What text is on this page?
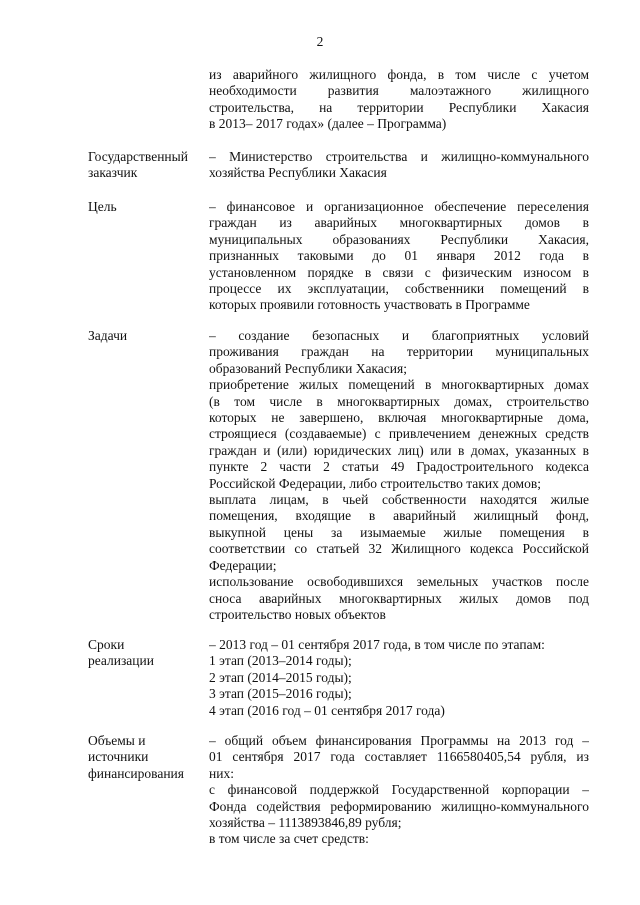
2
из аварийного жилищного фонда, в том числе с учетом
необходимости развития малоэтажного жилищного
строительства, на территории Республики Хакасия
в 2013– 2017 годах» (далее – Программа)
Государственный
заказчик
– Министерство строительства и жилищно-коммунального
хозяйства Республики Хакасия
Цель	– финансовое и организационное обеспечение переселения
граждан из аварийных многоквартирных домов в
муниципальных образованиях Республики Хакасия,
признанных таковыми до 01 января 2012 года в
установленном порядке в связи с физическим износом в
процессе их эксплуатации, собственники помещений в
которых проявили готовность участвовать в Программе
Задачи	– создание безопасных и благоприятных условий
проживания граждан на территории муниципальных
образований Республики Хакасия;
приобретение жилых помещений в многоквартирных домах
(в том числе в многоквартирных домах, строительство
которых не завершено, включая многоквартирные дома,
строящиеся (создаваемые) с привлечением денежных средств
граждан и (или) юридических лиц) или в домах, указанных в
пункте 2 части 2 статьи 49 Градостроительного кодекса
Российской Федерации, либо строительство таких домов;
выплата лицам, в чьей собственности находятся жилые
помещения, входящие в аварийный жилищный фонд,
выкупной цены за изымаемые жилые помещения в
соответствии со статьей 32 Жилищного кодекса Российской
Федерации;
использование освободившихся земельных участков после
сноса аварийных многоквартирных жилых домов под
строительство новых объектов
Сроки
реализации
– 2013 год – 01 сентября 2017 года, в том числе по этапам:
1 этап (2013–2014 годы);
2 этап (2014–2015 годы);
3 этап (2015–2016 годы);
4 этап (2016 год – 01 сентября 2017 года)
Объемы и
источники
финансирования
– общий объем финансирования Программы на 2013 год –
01 сентября 2017 года составляет 1166580405,54 рубля, из
них:
с финансовой поддержкой Государственной корпорации –
Фонда содействия реформированию жилищно-коммунального
хозяйства – 1113893846,89 рубля;
в том числе за счет средств:
